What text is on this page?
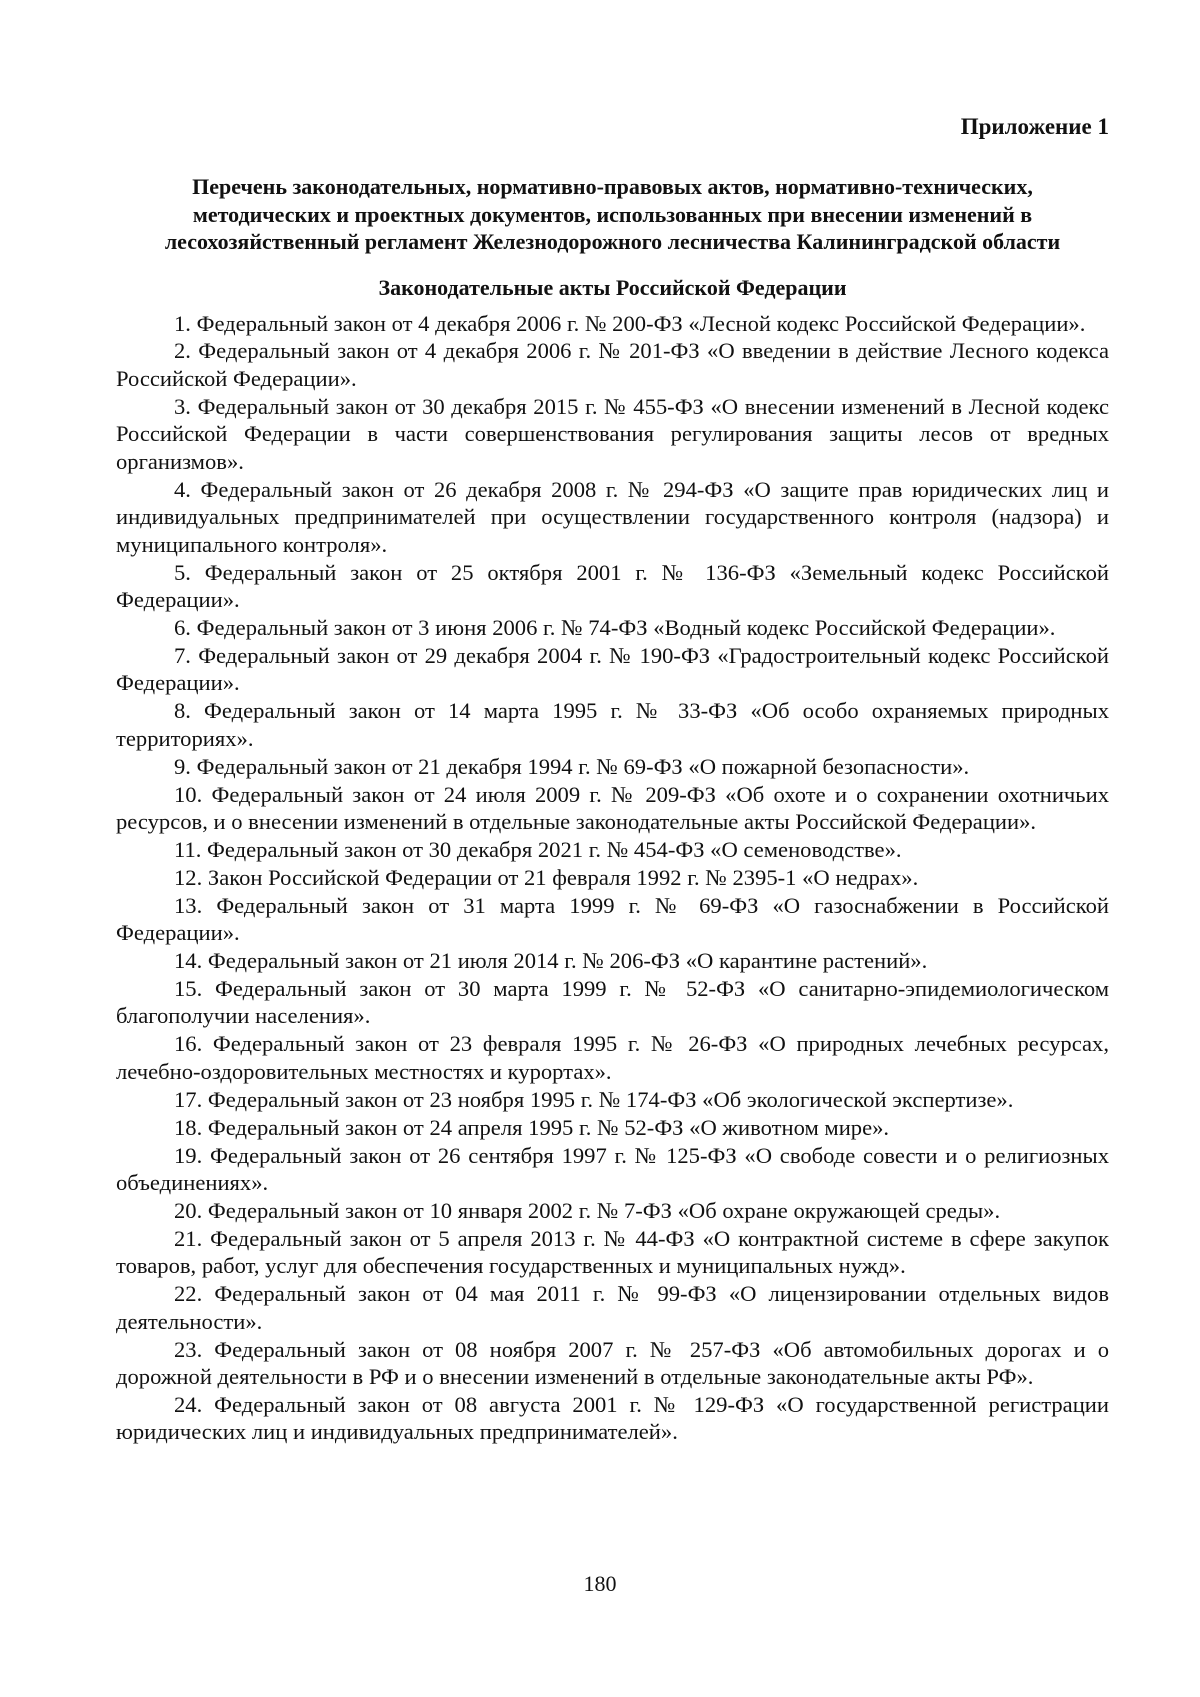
Приложение 1
Перечень законодательных, нормативно-правовых актов, нормативно-технических,
методических и проектных документов, использованных при внесении изменений в
лесохозяйственный регламент Железнодорожного лесничества Калининградской области
Законодательные акты Российской Федерации
1. Федеральный закон от 4 декабря 2006 г. № 200-ФЗ «Лесной кодекс Российской Федерации».
2. Федеральный закон от 4 декабря 2006 г. № 201-ФЗ «О введении в действие Лесного кодекса Российской Федерации».
3. Федеральный закон от 30 декабря 2015 г. № 455-ФЗ «О внесении изменений в Лесной кодекс Российской Федерации в части совершенствования регулирования защиты лесов от вредных организмов».
4. Федеральный закон от 26 декабря 2008 г. № 294-ФЗ «О защите прав юридических лиц и индивидуальных предпринимателей при осуществлении государственного контроля (надзора) и муниципального контроля».
5. Федеральный закон от 25 октября 2001 г. № 136-ФЗ «Земельный кодекс Российской Федерации».
6. Федеральный закон от 3 июня 2006 г. № 74-ФЗ «Водный кодекс Российской Федерации».
7. Федеральный закон от 29 декабря 2004 г. № 190-ФЗ «Градостроительный кодекс Российской Федерации».
8. Федеральный закон от 14 марта 1995 г. № 33-ФЗ «Об особо охраняемых природных территориях».
9. Федеральный закон от 21 декабря 1994 г. № 69-ФЗ «О пожарной безопасности».
10. Федеральный закон от 24 июля 2009 г. № 209-ФЗ «Об охоте и о сохранении охотничьих ресурсов, и о внесении изменений в отдельные законодательные акты Российской Федерации».
11. Федеральный закон от 30 декабря 2021 г. № 454-ФЗ «О семеноводстве».
12. Закон Российской Федерации от 21 февраля 1992 г. № 2395-1 «О недрах».
13. Федеральный закон от 31 марта 1999 г. № 69-ФЗ «О газоснабжении в Российской Федерации».
14. Федеральный закон от 21 июля 2014 г. № 206-ФЗ «О карантине растений».
15. Федеральный закон от 30 марта 1999 г. № 52-ФЗ «О санитарно-эпидемиологическом благополучии населения».
16. Федеральный закон от 23 февраля 1995 г. № 26-ФЗ «О природных лечебных ресурсах, лечебно-оздоровительных местностях и курортах».
17. Федеральный закон от 23 ноября 1995 г. № 174-ФЗ «Об экологической экспертизе».
18. Федеральный закон от 24 апреля 1995 г. № 52-ФЗ «О животном мире».
19. Федеральный закон от 26 сентября 1997 г. № 125-ФЗ «О свободе совести и о религиозных объединениях».
20. Федеральный закон от 10 января 2002 г. № 7-ФЗ «Об охране окружающей среды».
21. Федеральный закон от 5 апреля 2013 г. № 44-ФЗ «О контрактной системе в сфере закупок товаров, работ, услуг для обеспечения государственных и муниципальных нужд».
22. Федеральный закон от 04 мая 2011 г. № 99-ФЗ «О лицензировании отдельных видов деятельности».
23. Федеральный закон от 08 ноября 2007 г. № 257-ФЗ «Об автомобильных дорогах и о дорожной деятельности в РФ и о внесении изменений в отдельные законодательные акты РФ».
24. Федеральный закон от 08 августа 2001 г. № 129-ФЗ «О государственной регистрации юридических лиц и индивидуальных предпринимателей».
180
